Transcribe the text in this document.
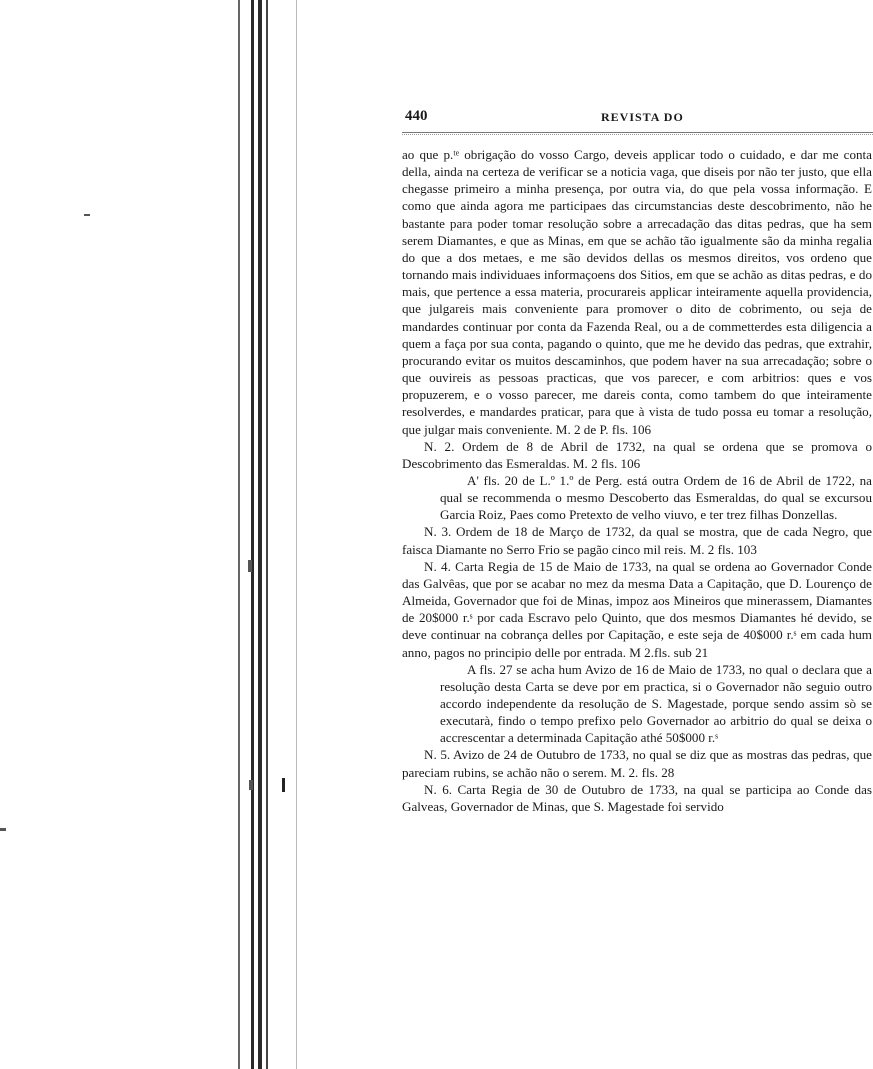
440	REVISTA DO

ao que p.ᵗᵉ obrigação do vosso Cargo, deveis applicar todo o cuidado, e dar me conta della, ainda na certeza de verificar se a noticia vaga, que diseis por não ter justo, que ella chegasse primeiro a minha presença, por outra via, do que pela vossa informação. E como que ainda agora me participaes das circumstancias deste descobrimento, não he bastante para poder tomar resolução sobre a arrecadação das ditas pedras, que ha sem serem Diamantes, e que as Minas, em que se achão tão igualmente são da minha regalia do que a dos metaes, e me são devidos dellas os mesmos direitos, vos ordeno que tornando mais individuaes informaçoens dos Sitios, em que se achão as ditas pedras, e do mais, que pertence a essa materia, procurareis applicar inteiramente aquella providencia, que julgareis mais conveniente para promover o dito de cobrimento, ou seja de mandardes continuar por conta da Fazenda Real, ou a de commetterdes esta diligencia a quem a faça por sua conta, pagando o quinto, que me he devido das pedras, que extrahir, procurando evitar os muitos descaminhos, que podem haver na sua arrecadação; sobre o que ouvireis as pessoas practicas, que vos parecer, e com arbitrios: ques e vos propuzerem, e o vosso parecer, me dareis conta, como tambem do que inteiramente resolverdes, e mandardes praticar, para que à vista de tudo possa eu tomar a resolução, que julgar mais conveniente. M. 2 de P. fls. 106

N. 2. Ordem de 8 de Abril de 1732, na qual se ordena que se promova o Descobrimento das Esmeraldas. M. 2 fls. 106

A' fls. 20 de L.º 1.º de Perg. está outra Ordem de 16 de Abril de 1722, na qual se recommenda o mesmo Descoberto das Esmeraldas, do qual se excursou Garcia Roiz, Paes como Pretexto de velho viuvo, e ter trez filhas Donzellas.

N. 3. Ordem de 18 de Março de 1732, da qual se mostra, que de cada Negro, que faisca Diamante no Serro Frio se pagão cinco mil reis. M. 2 fls. 103

N. 4. Carta Regia de 15 de Maio de 1733, na qual se ordena ao Governador Conde das Galvêas, que por se acabar no mez da mesma Data a Capitação, que D. Lourenço de Almeida, Governador que foi de Minas, impoz aos Mineiros que minerassem, Diamantes de 20$000 r.ˢ por cada Escravo pelo Quinto, que dos mesmos Diamantes hé devido, se deve continuar na cobrança delles por Capitação, e este seja de 40$000 r.ˢ em cada hum anno, pagos no principio delle por entrada. M 2.fls. sub 21

A fls. 27 se acha hum Avizo de 16 de Maio de 1733, no qual o declara que a resolução desta Carta se deve por em practica, si o Governador não seguio outro accordo independente da resolução de S. Magestade, porque sendo assim sò se executarà, findo o tempo prefixo pelo Governador ao arbitrio do qual se deixa o accrescentar a determinada Capitação athé 50$000 r.ˢ

N. 5. Avizo de 24 de Outubro de 1733, no qual se diz que as mostras das pedras, que pareciam rubins, se achão não o serem. M. 2. fls. 28

N. 6. Carta Regia de 30 de Outubro de 1733, na qual se participa ao Conde das Galveas, Governador de Minas, que S. Magestade foi servido
